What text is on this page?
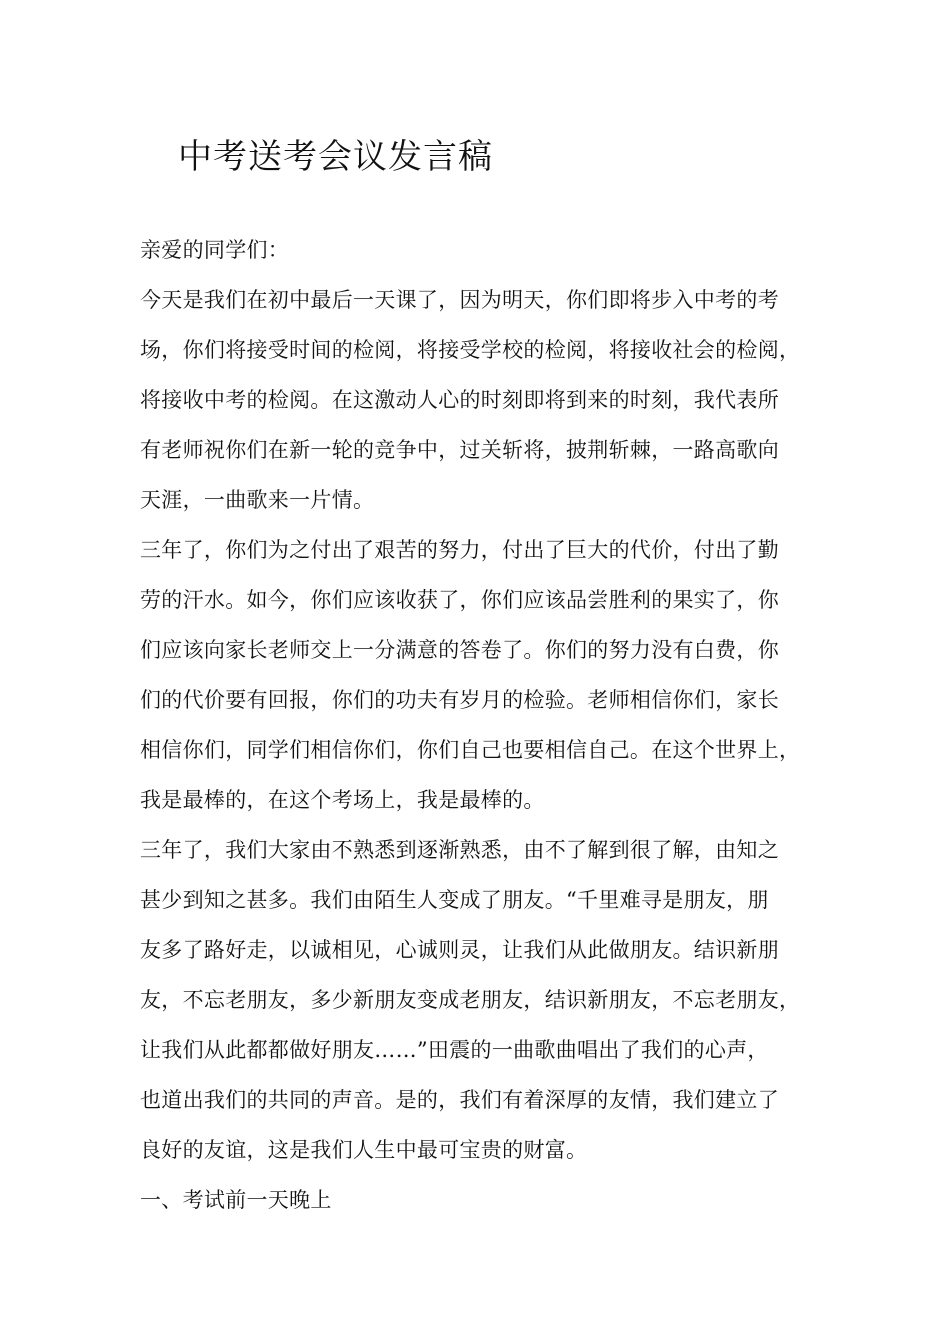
中考送考会议发言稿
亲爱的同学们：
今天是我们在初中最后一天课了，因为明天，你们即将步入中考的考
场，你们将接受时间的检阅，将接受学校的检阅，将接收社会的检阅，
将接收中考的检阅。在这激动人心的时刻即将到来的时刻，我代表所
有老师祝你们在新一轮的竞争中，过关斩将，披荆斩棘，一路高歌向
天涯，一曲歌来一片情。
三年了，你们为之付出了艰苦的努力，付出了巨大的代价，付出了勤
劳的汗水。如今，你们应该收获了，你们应该品尝胜利的果实了，你
们应该向家长老师交上一分满意的答卷了。你们的努力没有白费，你
们的代价要有回报，你们的功夫有岁月的检验。老师相信你们，家长
相信你们，同学们相信你们，你们自己也要相信自己。在这个世界上，
我是最棒的，在这个考场上，我是最棒的。
三年了，我们大家由不熟悉到逐渐熟悉，由不了解到很了解，由知之
甚少到知之甚多。我们由陌生人变成了朋友。“千里难寻是朋友，朋
友多了路好走，以诚相见，心诚则灵，让我们从此做朋友。结识新朋
友，不忘老朋友，多少新朋友变成老朋友，结识新朋友，不忘老朋友，
让我们从此都都做好朋友……”田震的一曲歌曲唱出了我们的心声，
也道出我们的共同的声音。是的，我们有着深厚的友情，我们建立了
良好的友谊，这是我们人生中最可宝贵的财富。
一、考试前一天晚上
